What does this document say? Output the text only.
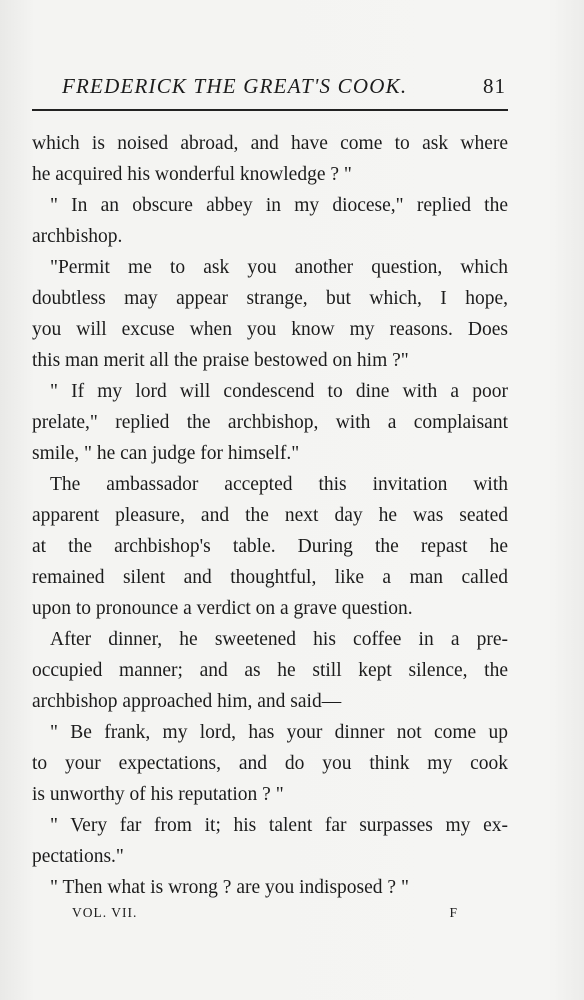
FREDERICK THE GREAT'S COOK.	81
which is noised abroad, and have come to ask where
he acquired his wonderful knowledge ? "
" In an obscure abbey in my diocese," replied the
archbishop.
"Permit me to ask you another question, which
doubtless may appear strange, but which, I hope,
you will excuse when you know my reasons. Does
this man merit all the praise bestowed on him ?"
" If my lord will condescend to dine with a poor
prelate," replied the archbishop, with a complaisant
smile, " he can judge for himself."
The ambassador accepted this invitation with
apparent pleasure, and the next day he was seated
at the archbishop's table. During the repast he
remained silent and thoughtful, like a man called
upon to pronounce a verdict on a grave question.
After dinner, he sweetened his coffee in a pre-
occupied manner; and as he still kept silence, the
archbishop approached him, and said—
" Be frank, my lord, has your dinner not come up
to your expectations, and do you think my cook
is unworthy of his reputation ? "
" Very far from it; his talent far surpasses my ex-
pectations."
" Then what is wrong ? are you indisposed ? "
VOL. VII.	F
